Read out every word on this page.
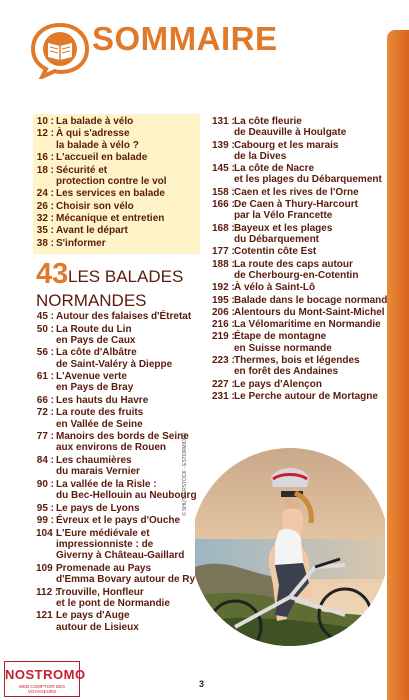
SOMMAIRE
10 : La balade à vélo
12 : À qui s'adresse
la balade à vélo ?
16 : L'accueil en balade
18 : Sécurité et
protection contre le vol
24 : Les services en balade
26 : Choisir son vélo
32 : Mécanique et entretien
35 : Avant le départ
38 : S'informer
43 LES BALADES
NORMANDES
45 : Autour des falaises d'Étretat
50 : La Route du Lin
en Pays de Caux
56 : La côte d'Albâtre
de Saint-Valéry à Dieppe
61 : L'Avenue verte
en Pays de Bray
66 : Les hauts du Havre
72 : La route des fruits
en Vallée de Seine
77 : Manoirs des bords de Seine
aux environs de Rouen
84 : Les chaumières
du marais Vernier
90 : La vallée de la Risle :
du Bec-Hellouin au Neubourg
95 : Le pays de Lyons
99 : Évreux et le pays d'Ouche
104 :L'Eure médiévale et
impressionniste : de
Giverny à Château-Gaillard
109 :Promenade au Pays
d'Emma Bovary autour de Ry
112 :Trouville, Honfleur
et le pont de Normandie
121 :Le pays d'Auge
autour de Lisieux
131 :La côte fleurie
de Deauville à Houlgate
139 :Cabourg et les marais
de la Dives
145 :La côte de Nacre
et les plages du Débarquement
158 :Caen et les rives de l'Orne
166 :De Caen à Thury-Harcourt
par la Vélo Francette
168 :Bayeux et les plages
du Débarquement
177 :Cotentin côte Est
188 :La route des caps autour
de Cherbourg-en-Cotentin
192 :À vélo à Saint-Lô
195 :Balade dans le bocage normand
206 :Alentours du Mont-Saint-Michel
216 :La Vélomaritime en Normandie
219 :Étape de montagne
en Suisse normande
223 :Thermes, bois et légendes
en forêt des Andaines
227 :Le pays d'Alençon
231 :Le Perche autour de Mortagne
© SHUTTERSTOCK - ESTORMIOLO
3
NOSTROMO
WEB COMPTOIR DES VOYAGEURS
